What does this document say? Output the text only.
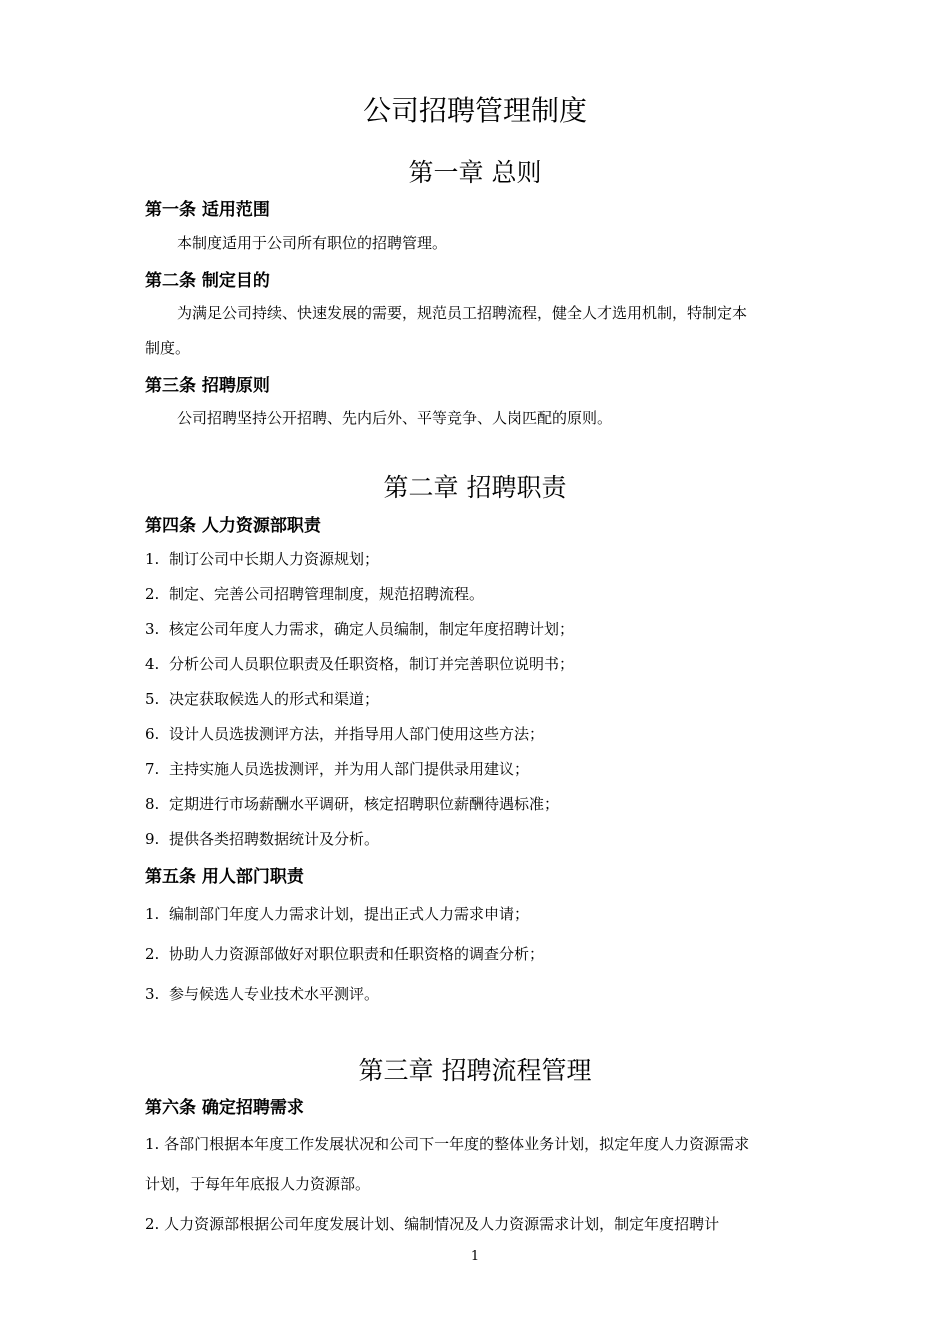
公司招聘管理制度
第一章 总则
第一条 适用范围
本制度适用于公司所有职位的招聘管理。
第二条 制定目的
为满足公司持续、快速发展的需要，规范员工招聘流程，健全人才选用机制，特制定本
制度。
第三条 招聘原则
公司招聘坚持公开招聘、先内后外、平等竞争、人岗匹配的原则。
第二章 招聘职责
第四条 人力资源部职责
1. 制订公司中长期人力资源规划；
2. 制定、完善公司招聘管理制度，规范招聘流程。
3. 核定公司年度人力需求，确定人员编制，制定年度招聘计划；
4. 分析公司人员职位职责及任职资格，制订并完善职位说明书；
5. 决定获取候选人的形式和渠道；
6. 设计人员选拔测评方法，并指导用人部门使用这些方法；
7. 主持实施人员选拔测评，并为用人部门提供录用建议；
8. 定期进行市场薪酬水平调研，核定招聘职位薪酬待遇标准；
9. 提供各类招聘数据统计及分析。
第五条 用人部门职责
1. 编制部门年度人力需求计划，提出正式人力需求申请；
2. 协助人力资源部做好对职位职责和任职资格的调查分析；
3. 参与候选人专业技术水平测评。
第三章 招聘流程管理
第六条 确定招聘需求
1. 各部门根据本年度工作发展状况和公司下一年度的整体业务计划，拟定年度人力资源需求
计划，于每年年底报人力资源部。
2. 人力资源部根据公司年度发展计划、编制情况及人力资源需求计划，制定年度招聘计
1
